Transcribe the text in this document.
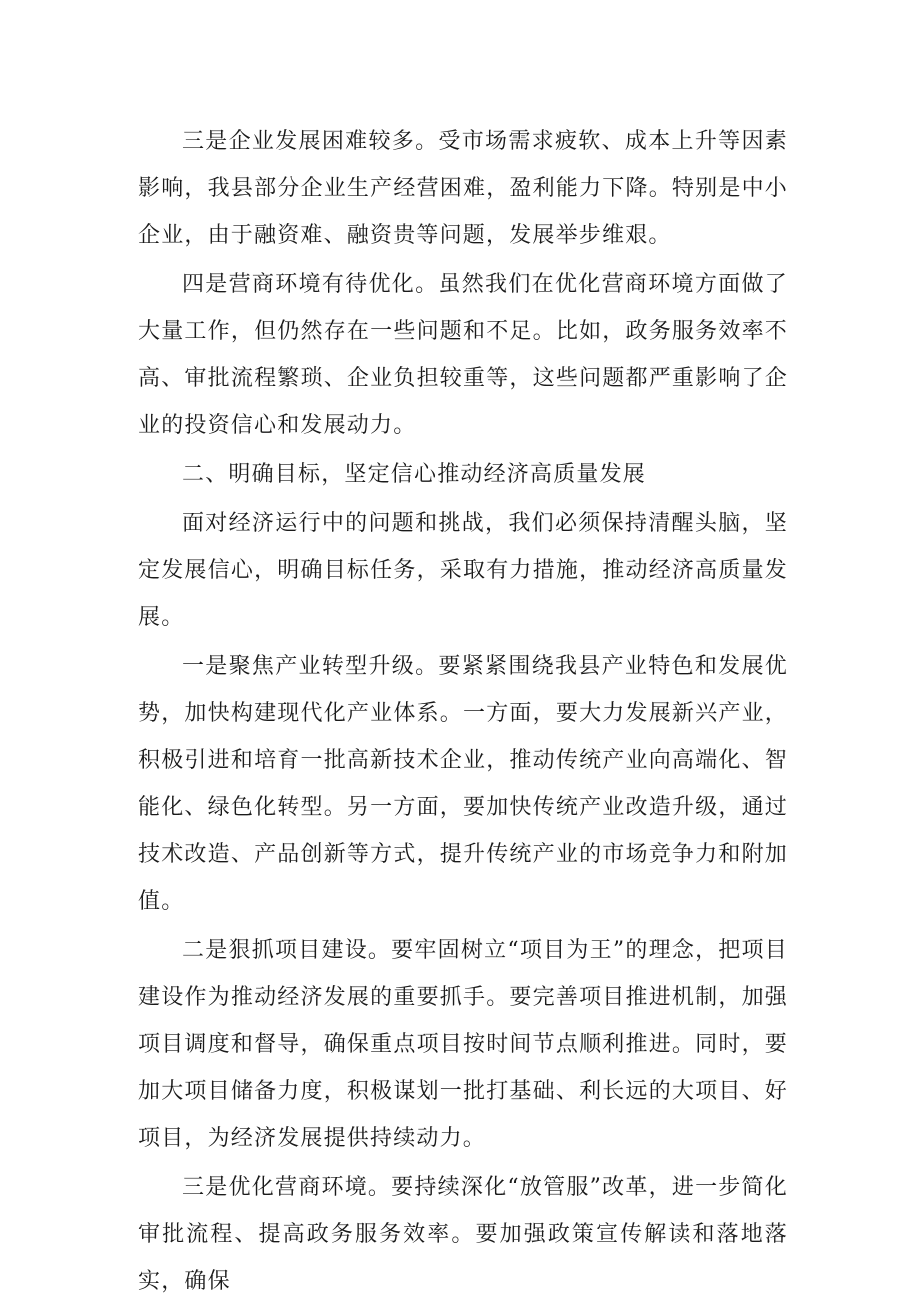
三是企业发展困难较多。受市场需求疲软、成本上升等因素影响，我县部分企业生产经营困难，盈利能力下降。特别是中小企业，由于融资难、融资贵等问题，发展举步维艰。

四是营商环境有待优化。虽然我们在优化营商环境方面做了大量工作，但仍然存在一些问题和不足。比如，政务服务效率不高、审批流程繁琐、企业负担较重等，这些问题都严重影响了企业的投资信心和发展动力。

二、明确目标，坚定信心推动经济高质量发展

面对经济运行中的问题和挑战，我们必须保持清醒头脑，坚定发展信心，明确目标任务，采取有力措施，推动经济高质量发展。

一是聚焦产业转型升级。要紧紧围绕我县产业特色和发展优势，加快构建现代化产业体系。一方面，要大力发展新兴产业，积极引进和培育一批高新技术企业，推动传统产业向高端化、智能化、绿色化转型。另一方面，要加快传统产业改造升级，通过技术改造、产品创新等方式，提升传统产业的市场竞争力和附加值。

二是狠抓项目建设。要牢固树立“项目为王”的理念，把项目建设作为推动经济发展的重要抓手。要完善项目推进机制，加强项目调度和督导，确保重点项目按时间节点顺利推进。同时，要加大项目储备力度，积极谋划一批打基础、利长远的大项目、好项目，为经济发展提供持续动力。

三是优化营商环境。要持续深化“放管服”改革，进一步简化审批流程、提高政务服务效率。要加强政策宣传解读和落地落实，确保
